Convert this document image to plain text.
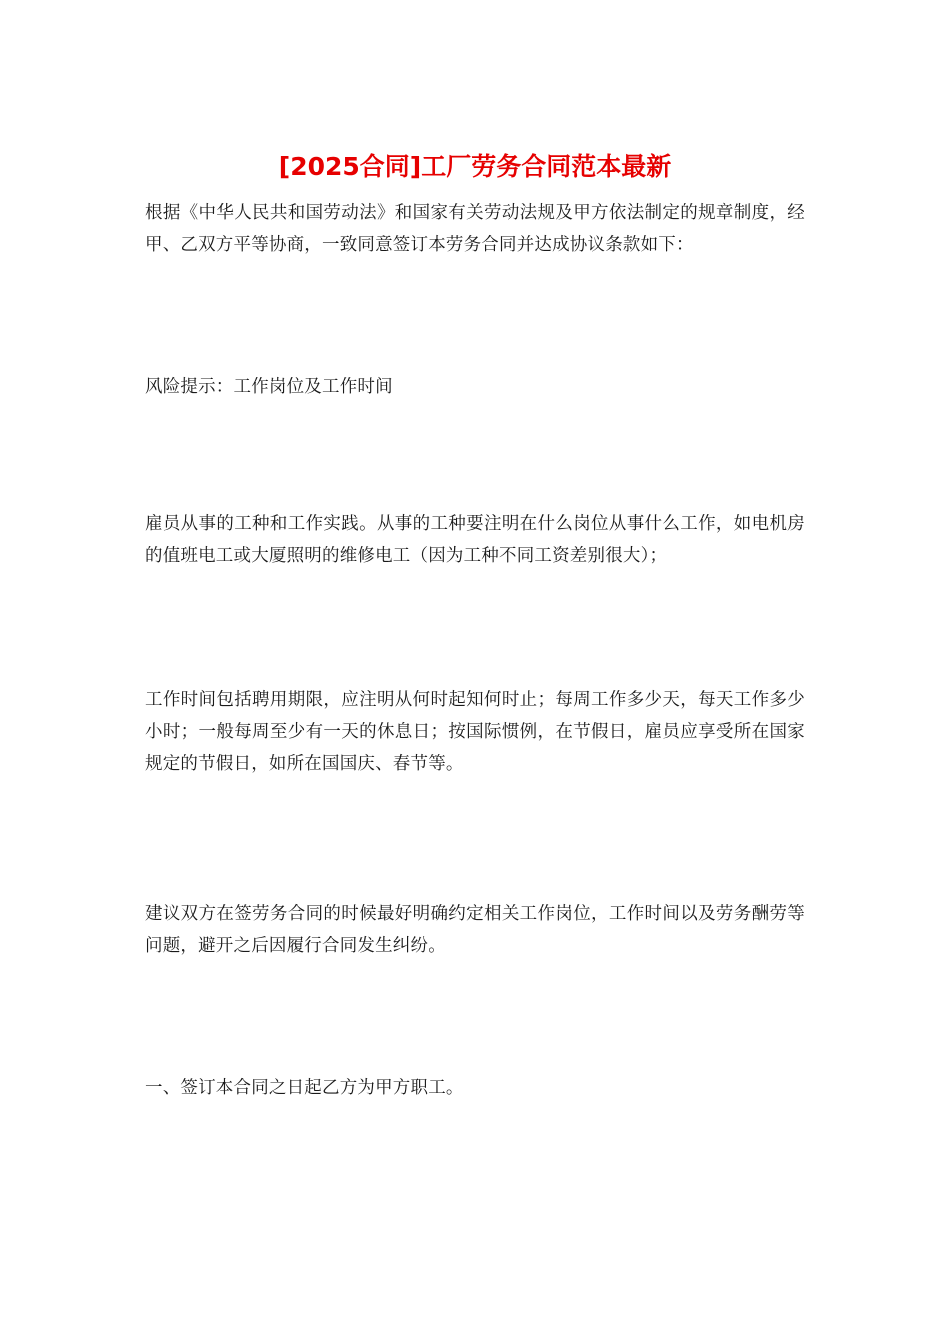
[2025合同]工厂劳务合同范本最新

根据《中华人民共和国劳动法》和国家有关劳动法规及甲方依法制定的规章制度，经甲、乙双方平等协商，一致同意签订本劳务合同并达成协议条款如下：

风险提示：工作岗位及工作时间

雇员从事的工种和工作实践。从事的工种要注明在什么岗位从事什么工作，如电机房的值班电工或大厦照明的维修电工（因为工种不同工资差别很大）；

工作时间包括聘用期限，应注明从何时起知何时止；每周工作多少天，每天工作多少小时；一般每周至少有一天的休息日；按国际惯例，在节假日，雇员应享受所在国家规定的节假日，如所在国国庆、春节等。

建议双方在签劳务合同的时候最好明确约定相关工作岗位，工作时间以及劳务酬劳等问题，避开之后因履行合同发生纠纷。

一、签订本合同之日起乙方为甲方职工。
